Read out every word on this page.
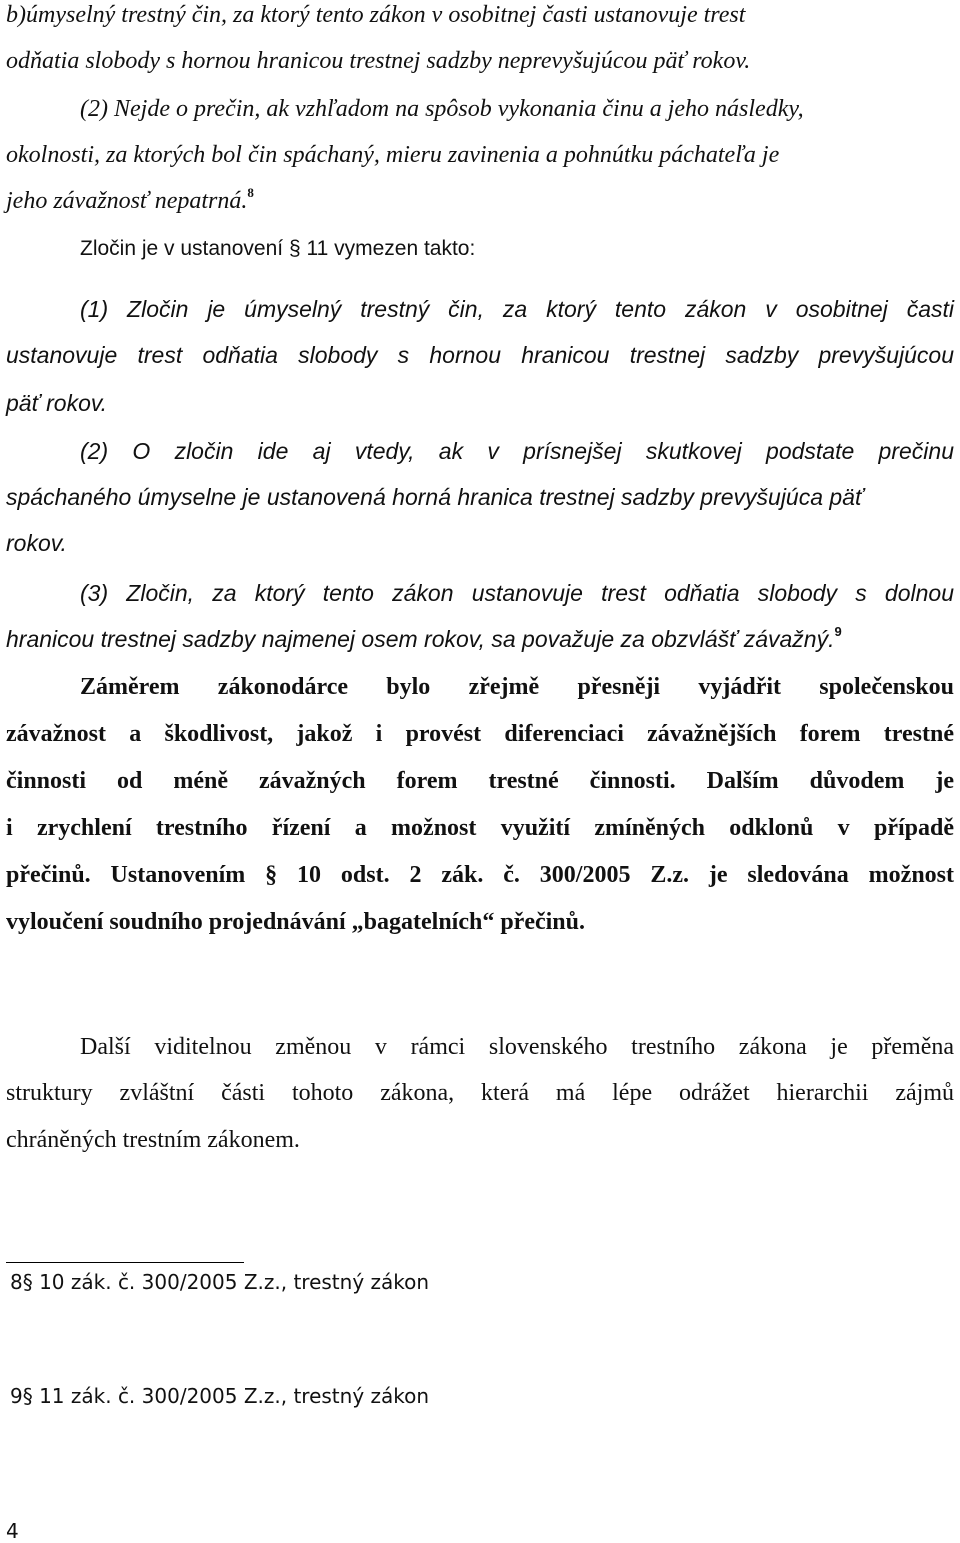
b)úmyselný trestný čin, za ktorý tento zákon v osobitnej časti ustanovuje trest

odňatia slobody s hornou hranicou trestnej sadzby neprevyšujúcou päť rokov.

(2) Nejde o prečin, ak vzhľadom na spôsob vykonania činu a jeho následky,

okolnosti, za ktorých bol čin spáchaný, mieru zavinenia a pohnútku páchateľa je

jeho závažnosť nepatrná.$^8$

Zločin je v ustanovení § 11 vymezen takto:

(1) Zločin je úmyselný trestný čin, za ktorý tento zákon v osobitnej časti

ustanovuje trest odňatia slobody s hornou hranicou trestnej sadzby prevyšujúcou

päť rokov.

(2) O zločin ide aj vtedy, ak v prísnejšej skutkovej podstate prečinu

spáchaného úmyselne je ustanovená horná hranica trestnej sadzby prevyšujúca päť

rokov.

(3) Zločin, za ktorý tento zákon ustanovuje trest odňatia slobody s dolnou

hranicou trestnej sadzby najmenej osem rokov, sa považuje za obzvlášť závažný.$^9$

Záměrem zákonodárce bylo zřejmě přesněji vyjádřit společenskou

závažnost a škodlivost, jakož i provést diferenciaci závažnějších forem trestné

činnosti od méně závažných forem trestné činnosti. Dalším důvodem je

i zrychlení trestního řízení a možnost využití zmíněných odklonů v případě

přečinů. Ustanovením § 10 odst. 2 zák. č. 300/2005 Z.z. je sledována možnost

vyloučení soudního projednávání „bagatelních“ přečinů.

Další viditelnou změnou v rámci slovenského trestního zákona je přeměna

struktury zvláštní části tohoto zákona, která má lépe odrážet hierarchii zájmů

chráněných trestním zákonem.

8§ 10 zák. č. 300/2005 Z.z., trestný zákon
9§ 11 zák. č. 300/2005 Z.z., trestný zákon
4
